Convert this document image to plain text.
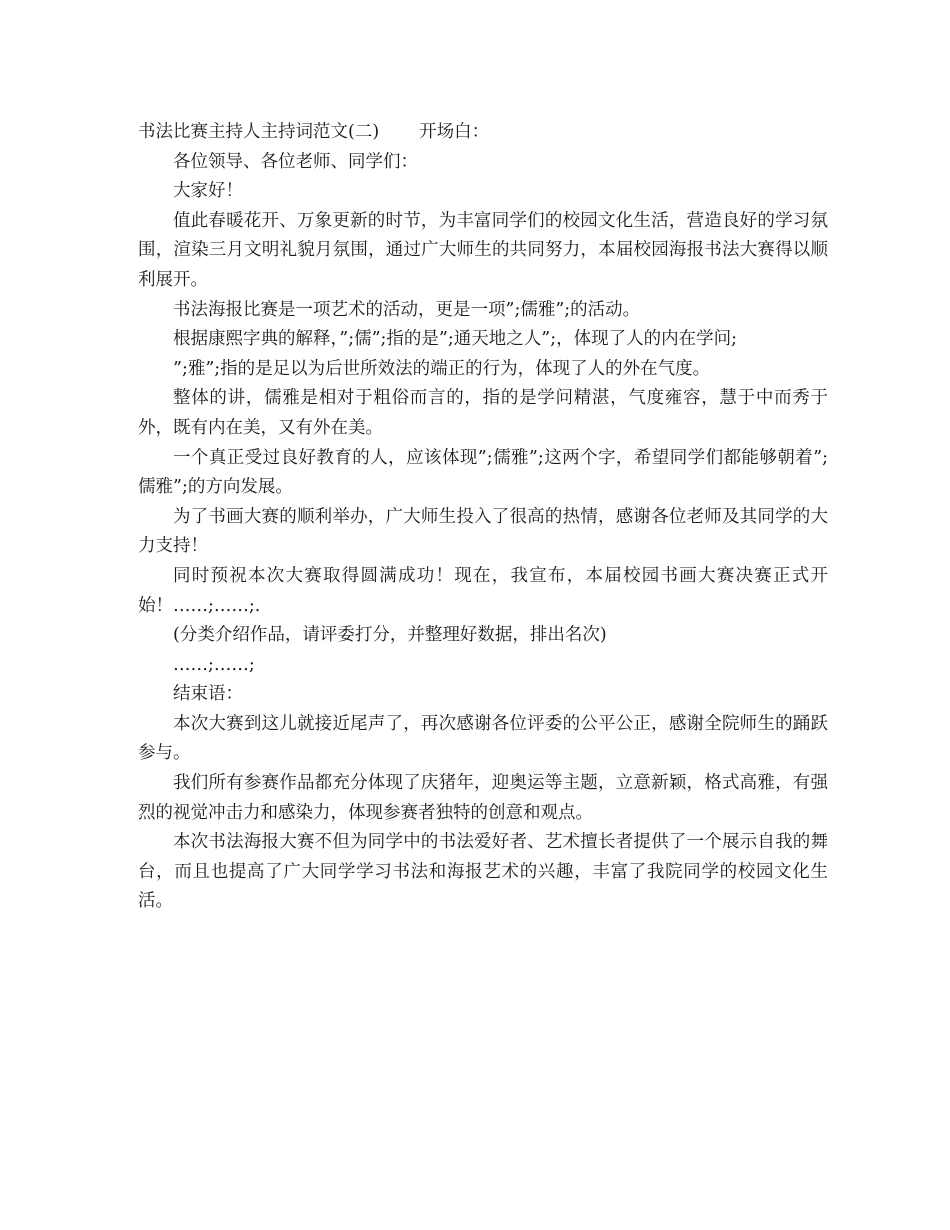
书法比赛主持人主持词范文(二) 开场白：

各位领导、各位老师、同学们：

大家好！

值此春暖花开、万象更新的时节，为丰富同学们的校园文化生活，营造良好的学习氛围，渲染三月文明礼貌月氛围，通过广大师生的共同努力，本届校园海报书法大赛得以顺利展开。

书法海报比赛是一项艺术的活动，更是一项”;儒雅”;的活动。

根据康熙字典的解释，”;儒”;指的是”;通天地之人”;，体现了人的内在学问;

”;雅”;指的是足以为后世所效法的端正的行为，体现了人的外在气度。

整体的讲，儒雅是相对于粗俗而言的，指的是学问精湛，气度雍容，慧于中而秀于外，既有内在美，又有外在美。

一个真正受过良好教育的人，应该体现”;儒雅”;这两个字，希望同学们都能够朝着”;儒雅”;的方向发展。

为了书画大赛的顺利举办，广大师生投入了很高的热情，感谢各位老师及其同学的大力支持！

同时预祝本次大赛取得圆满成功！现在，我宣布，本届校园书画大赛决赛正式开始！……;……;.

(分类介绍作品，请评委打分，并整理好数据，排出名次)

……;……;

结束语：

本次大赛到这儿就接近尾声了，再次感谢各位评委的公平公正，感谢全院师生的踊跃参与。

我们所有参赛作品都充分体现了庆猪年，迎奥运等主题，立意新颖，格式高雅，有强烈的视觉冲击力和感染力，体现参赛者独特的创意和观点。

本次书法海报大赛不但为同学中的书法爱好者、艺术擅长者提供了一个展示自我的舞台，而且也提高了广大同学学习书法和海报艺术的兴趣，丰富了我院同学的校园文化生活。
